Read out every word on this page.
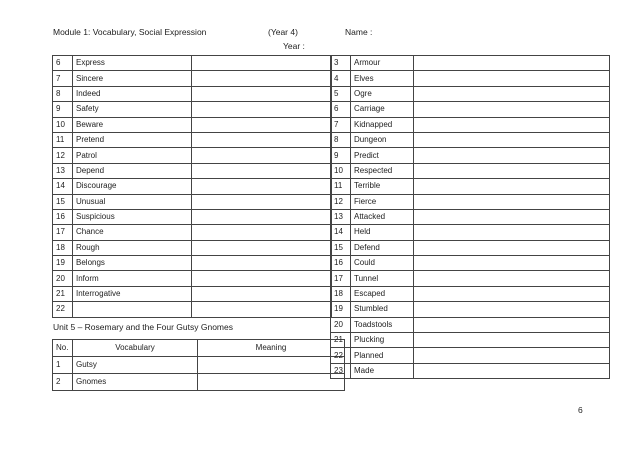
Module 1: Vocabulary, Social Expression	(Year 4)	Name :
Year :
6	Express	
7	Sincere	
8	Indeed	
9	Safety	
10	Beware	
11	Pretend	
12	Patrol	
13	Depend	
14	Discourage	
15	Unusual	
16	Suspicious	
17	Chance	
18	Rough	
19	Belongs	
20	Inform	
21	Interrogative	
22		
Unit 5 – Rosemary and the Four Gutsy Gnomes
No.	Vocabulary	Meaning
1	Gutsy	
2	Gnomes	
3	Armour	
4	Elves	
5	Ogre	
6	Carriage	
7	Kidnapped	
8	Dungeon	
9	Predict	
10	Respected	
11	Terrible	
12	Fierce	
13	Attacked	
14	Held	
15	Defend	
16	Could	
17	Tunnel	
18	Escaped	
19	Stumbled	
20	Toadstools	
21	Plucking	
22	Planned	
23	Made	
6
